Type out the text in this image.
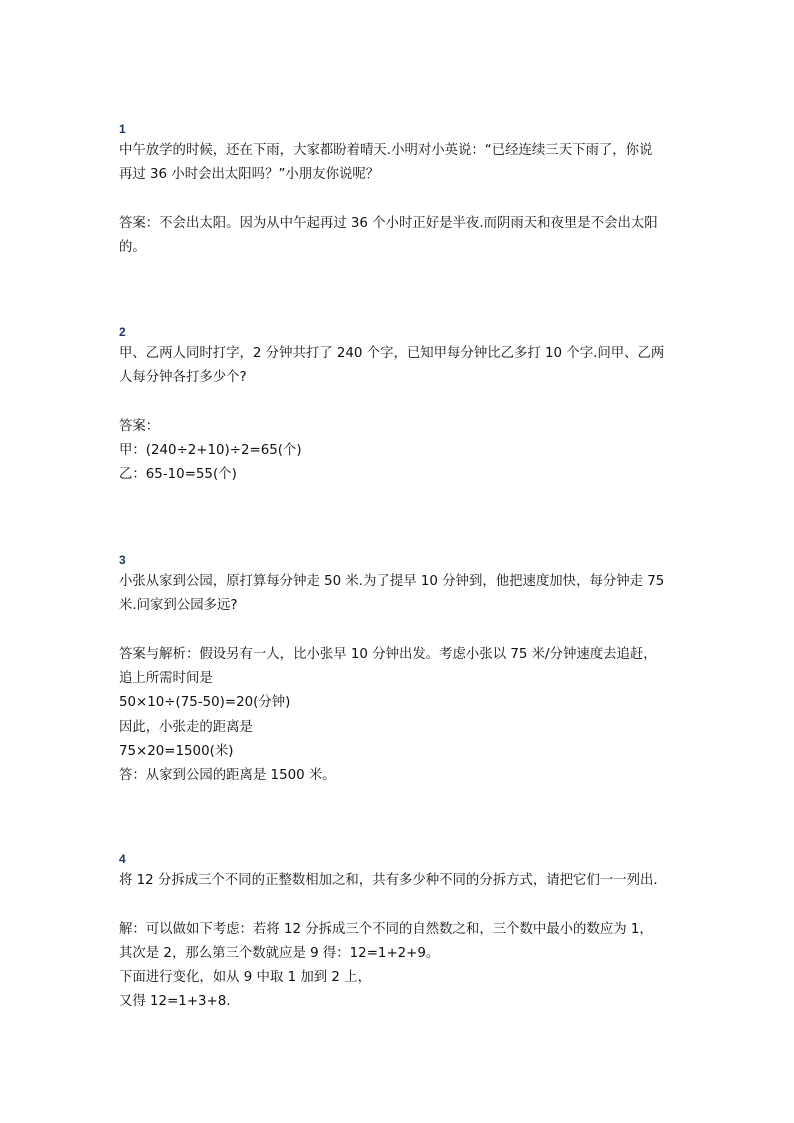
1
中午放学的时候，还在下雨，大家都盼着晴天.小明对小英说：“已经连续三天下雨了，你说
再过 36 小时会出太阳吗？”小朋友你说呢？
答案：不会出太阳。因为从中午起再过 36 个小时正好是半夜.而阴雨天和夜里是不会出太阳
的。
2
甲、乙两人同时打字，2 分钟共打了 240 个字，已知甲每分钟比乙多打 10 个字.问甲、乙两
人每分钟各打多少个?
答案：
甲：(240÷2+10)÷2=65(个)
乙：65-10=55(个)
3
小张从家到公园，原打算每分钟走 50 米.为了提早 10 分钟到，他把速度加快，每分钟走 75
米.问家到公园多远?
答案与解析：假设另有一人，比小张早 10 分钟出发。考虑小张以 75 米/分钟速度去追赶，
追上所需时间是
50×10÷(75-50)=20(分钟)
因此，小张走的距离是
75×20=1500(米)
答：从家到公园的距离是 1500 米。
4
将 12 分拆成三个不同的正整数相加之和，共有多少种不同的分拆方式，请把它们一一列出.
解：可以做如下考虑：若将 12 分拆成三个不同的自然数之和，三个数中最小的数应为 1，
其次是 2，那么第三个数就应是 9 得：12=1+2+9。
下面进行变化，如从 9 中取 1 加到 2 上，
又得 12=1+3+8.
